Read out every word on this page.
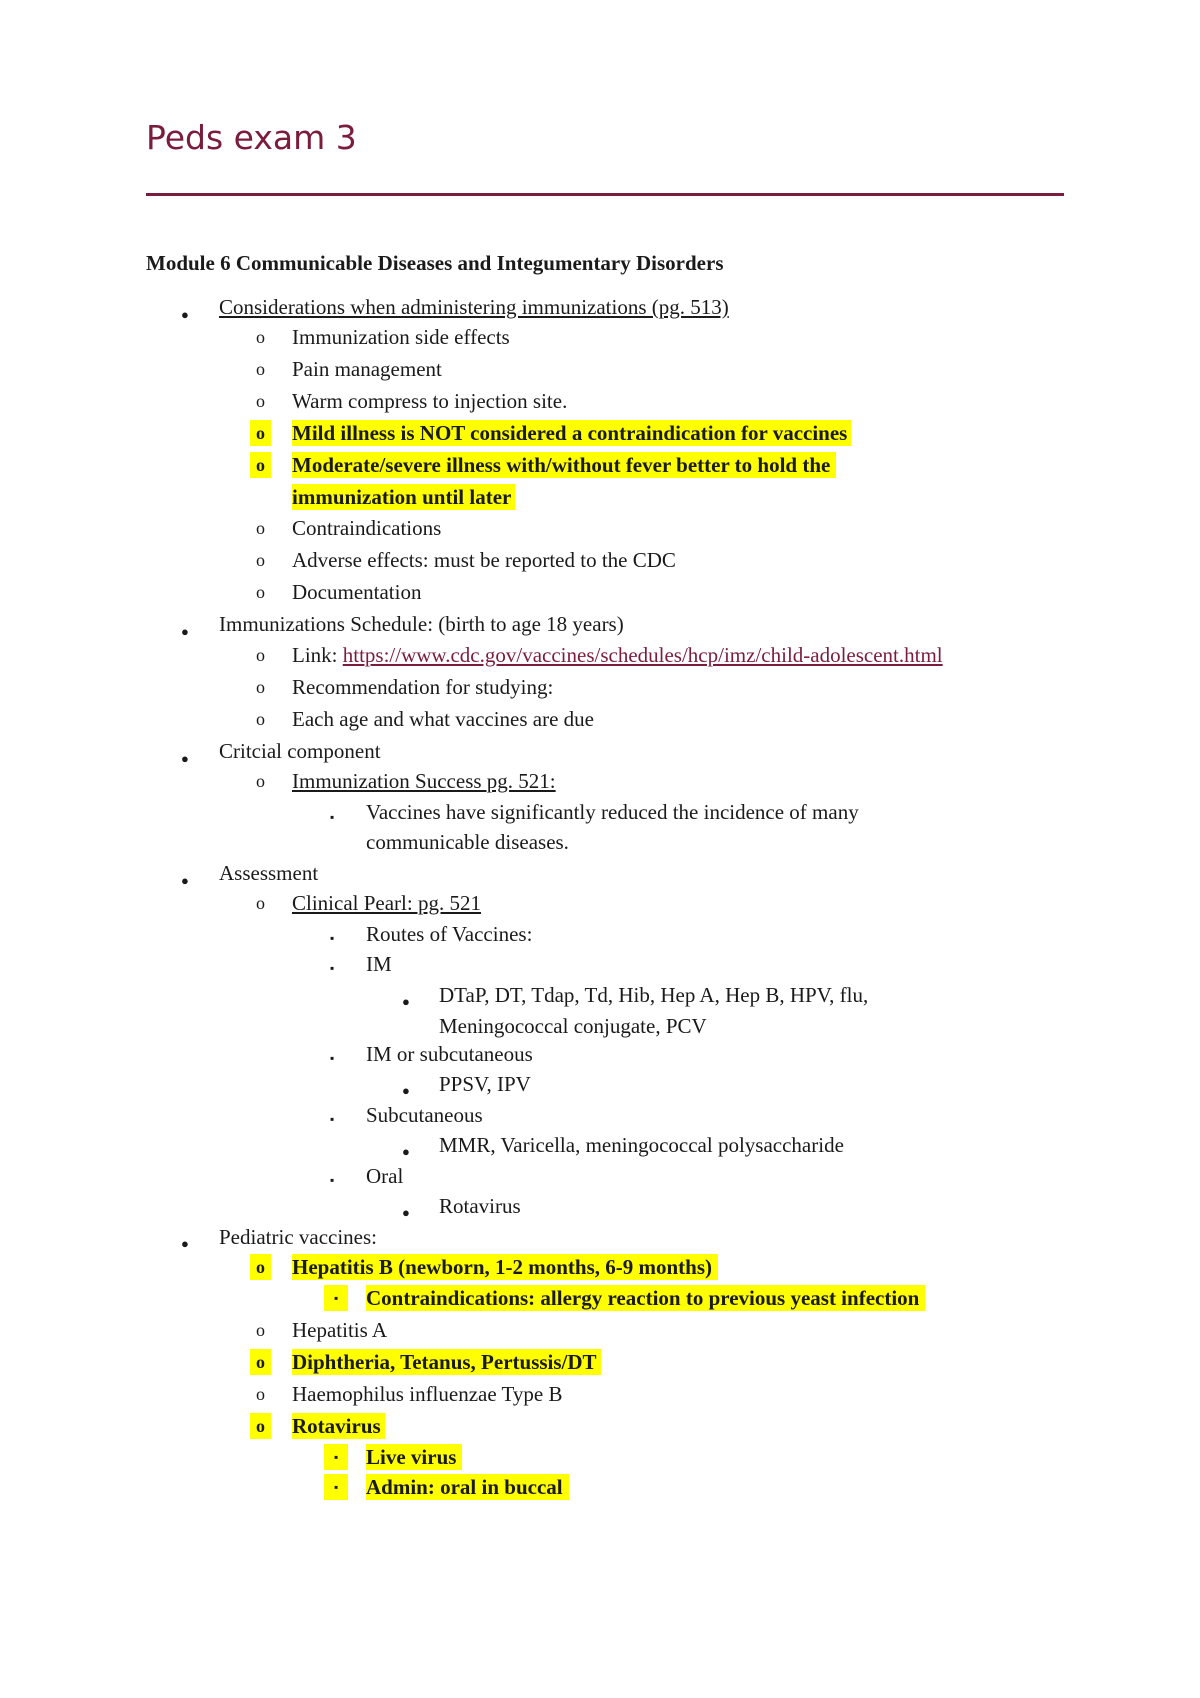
Peds exam 3
Module 6 Communicable Diseases and Integumentary Disorders
● Considerations when administering immunizations (pg. 513)
o Immunization side effects
o Pain management
o Warm compress to injection site.
o Mild illness is NOT considered a contraindication for vaccines
o Moderate/severe illness with/without fever better to hold the
immunization until later
o Contraindications
o Adverse effects: must be reported to the CDC
o Documentation
● Immunizations Schedule: (birth to age 18 years)
o Link: https://www.cdc.gov/vaccines/schedules/hcp/imz/child-adolescent.html
o Recommendation for studying:
o Each age and what vaccines are due
● Critcial component
o Immunization Success pg. 521:
▪ Vaccines have significantly reduced the incidence of many
communicable diseases.
● Assessment
o Clinical Pearl: pg. 521
▪ Routes of Vaccines:
▪ IM
● DTaP, DT, Tdap, Td, Hib, Hep A, Hep B, HPV, flu,
Meningococcal conjugate, PCV
▪ IM or subcutaneous
● PPSV, IPV
▪ Subcutaneous
● MMR, Varicella, meningococcal polysaccharide
▪ Oral
● Rotavirus
● Pediatric vaccines:
o Hepatitis B (newborn, 1-2 months, 6-9 months)
▪	Contraindications: allergy reaction to previous yeast infection
o Hepatitis A
o Diphtheria, Tetanus, Pertussis/DT
o Haemophilus influenzae Type B
o Rotavirus
▪	Live virus
▪	Admin: oral in buccal
